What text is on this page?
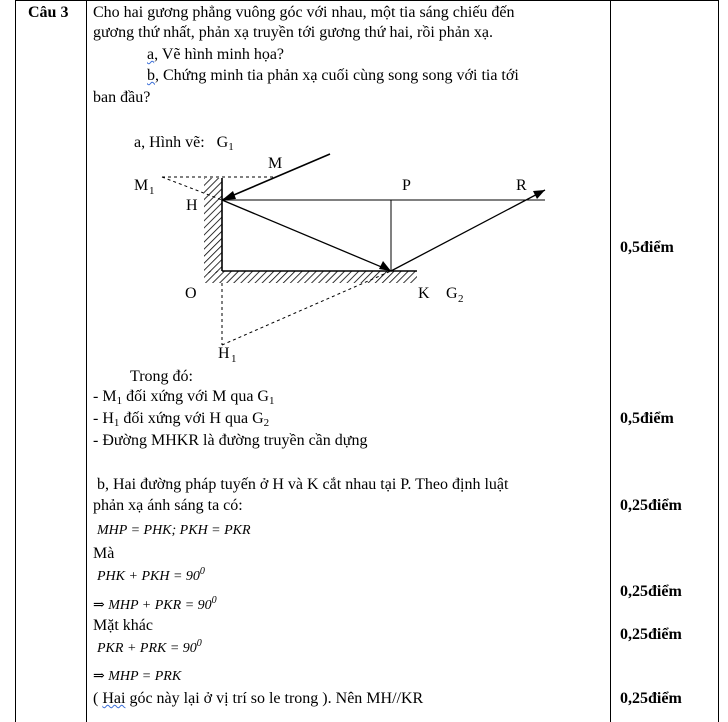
Câu 3 Cho hai gương phẳng vuông góc với nhau, một tia sáng chiếu đến
gương thứ nhất, phản xạ truyền tới gương thứ hai, rồi phản xạ.
a, Vẽ hình minh họa?
b, Chứng minh tia phản xạ cuối cùng song song với tia tới
ban đầu?
a, Hình vẽ: $G_1$
M
M 1
H
P	R
O	K G 2
H 1
Trong đó:
- $M_1$ đối xứng với M qua $G_1$
- $H_1$ đối xứng với H qua $G_2$
- Đường MHKR là đường truyền cần dựng
b, Hai đường pháp tuyến ở H và K cắt nhau tại P. Theo định luật
phản xạ ánh sáng ta có:
MHP = PHK; PKH = PKR
Mà
PHK + PKH = $90^0$
⇒ MHP + PKR = $90^0$
Mặt khác
PKR + PRK = $90^0$
⇒ MHP = PRK
( Hai góc này lại ở vị trí so le trong ). Nên MH//KR
0,5điểm
0,5điểm
0,25điểm
0,25điểm
0,25điểm
0,25điểm
